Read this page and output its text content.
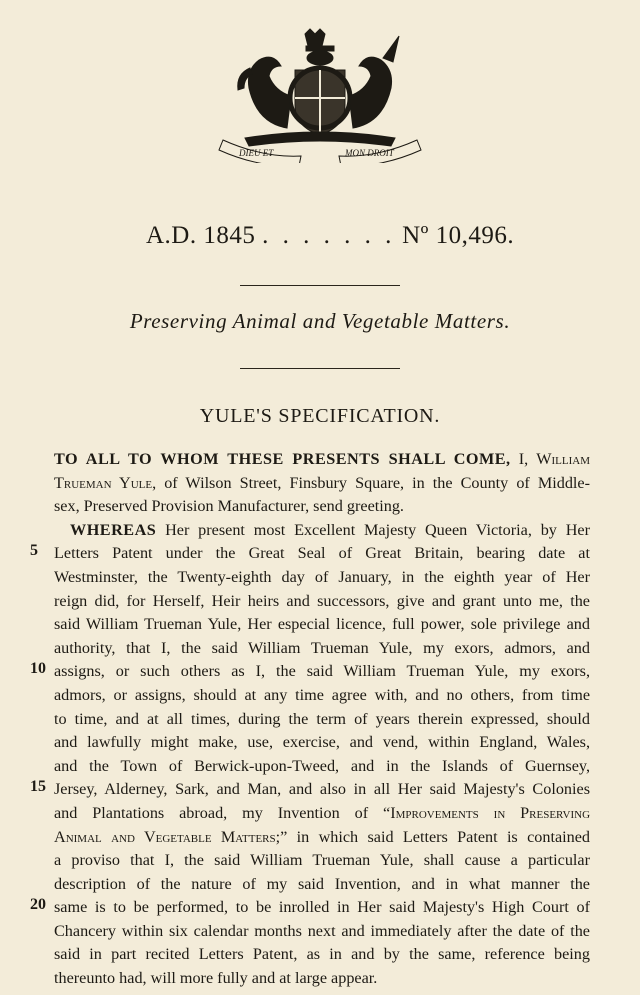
DIEU ET	MON DROIT
A.D. 1845 . . . . . . . Nº 10,496.
Preserving Animal and Vegetable Matters.
YULE'S SPECIFICATION.
5
10
15
20
TO ALL TO WHOM THESE PRESENTS SHALL COME, I, William
Trueman Yule, of Wilson Street, Finsbury Square, in the County of Middle-
sex, Preserved Provision Manufacturer, send greeting.
WHEREAS Her present most Excellent Majesty Queen Victoria, by Her
Letters Patent under the Great Seal of Great Britain, bearing date at
Westminster, the Twenty-eighth day of January, in the eighth year of Her
reign did, for Herself, Heir heirs and successors, give and grant unto me, the
said William Trueman Yule, Her especial licence, full power, sole privilege and
authority, that I, the said William Trueman Yule, my exors, admors, and
assigns, or such others as I, the said William Trueman Yule, my exors,
admors, or assigns, should at any time agree with, and no others, from time
to time, and at all times, during the term of years therein expressed, should
and lawfully might make, use, exercise, and vend, within England, Wales,
and the Town of Berwick-upon-Tweed, and in the Islands of Guernsey,
Jersey, Alderney, Sark, and Man, and also in all Her said Majesty's Colonies
and Plantations abroad, my Invention of “Improvements in Preserving
Animal and Vegetable Matters;” in which said Letters Patent is contained
a proviso that I, the said William Trueman Yule, shall cause a particular
description of the nature of my said Invention, and in what manner the
same is to be performed, to be inrolled in Her said Majesty's High Court of
Chancery within six calendar months next and immediately after the date of the
said in part recited Letters Patent, as in and by the same, reference being
thereunto had, will more fully and at large appear.
